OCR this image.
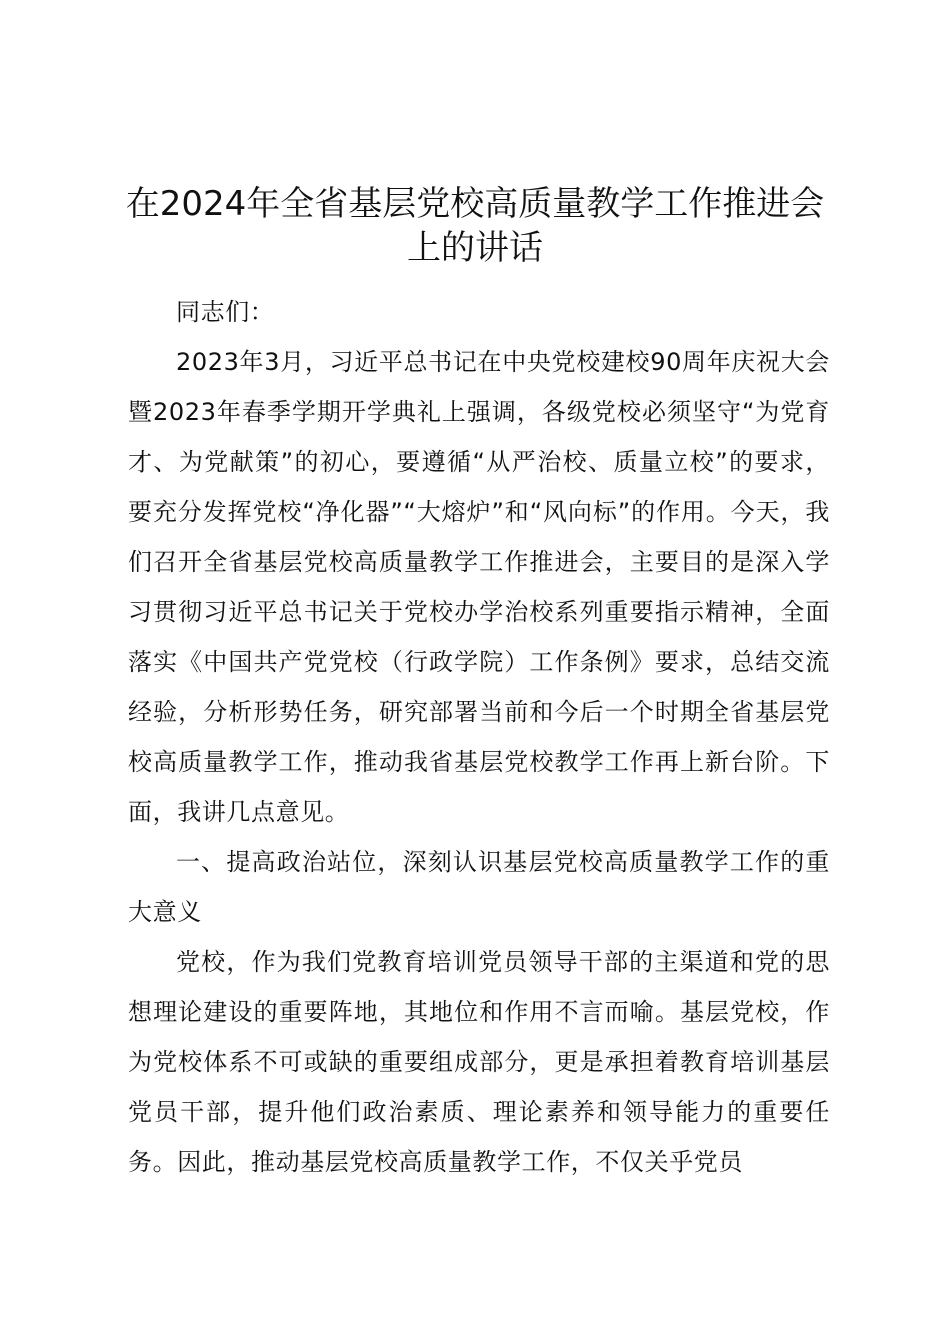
在2024年全省基层党校高质量教学工作推进会上的讲话

同志们：

2023年3月，习近平总书记在中央党校建校90周年庆祝大会暨2023年春季学期开学典礼上强调，各级党校必须坚守“为党育才、为党献策”的初心，要遵循“从严治校、质量立校”的要求，要充分发挥党校“净化器”“大熔炉”和“风向标”的作用。今天，我们召开全省基层党校高质量教学工作推进会，主要目的是深入学习贯彻习近平总书记关于党校办学治校系列重要指示精神，全面落实《中国共产党党校（行政学院）工作条例》要求，总结交流经验，分析形势任务，研究部署当前和今后一个时期全省基层党校高质量教学工作，推动我省基层党校教学工作再上新台阶。下面，我讲几点意见。

一、提高政治站位，深刻认识基层党校高质量教学工作的重大意义

党校，作为我们党教育培训党员领导干部的主渠道和党的思想理论建设的重要阵地，其地位和作用不言而喻。基层党校，作为党校体系不可或缺的重要组成部分，更是承担着教育培训基层党员干部，提升他们政治素质、理论素养和领导能力的重要任务。因此，推动基层党校高质量教学工作，不仅关乎党员
